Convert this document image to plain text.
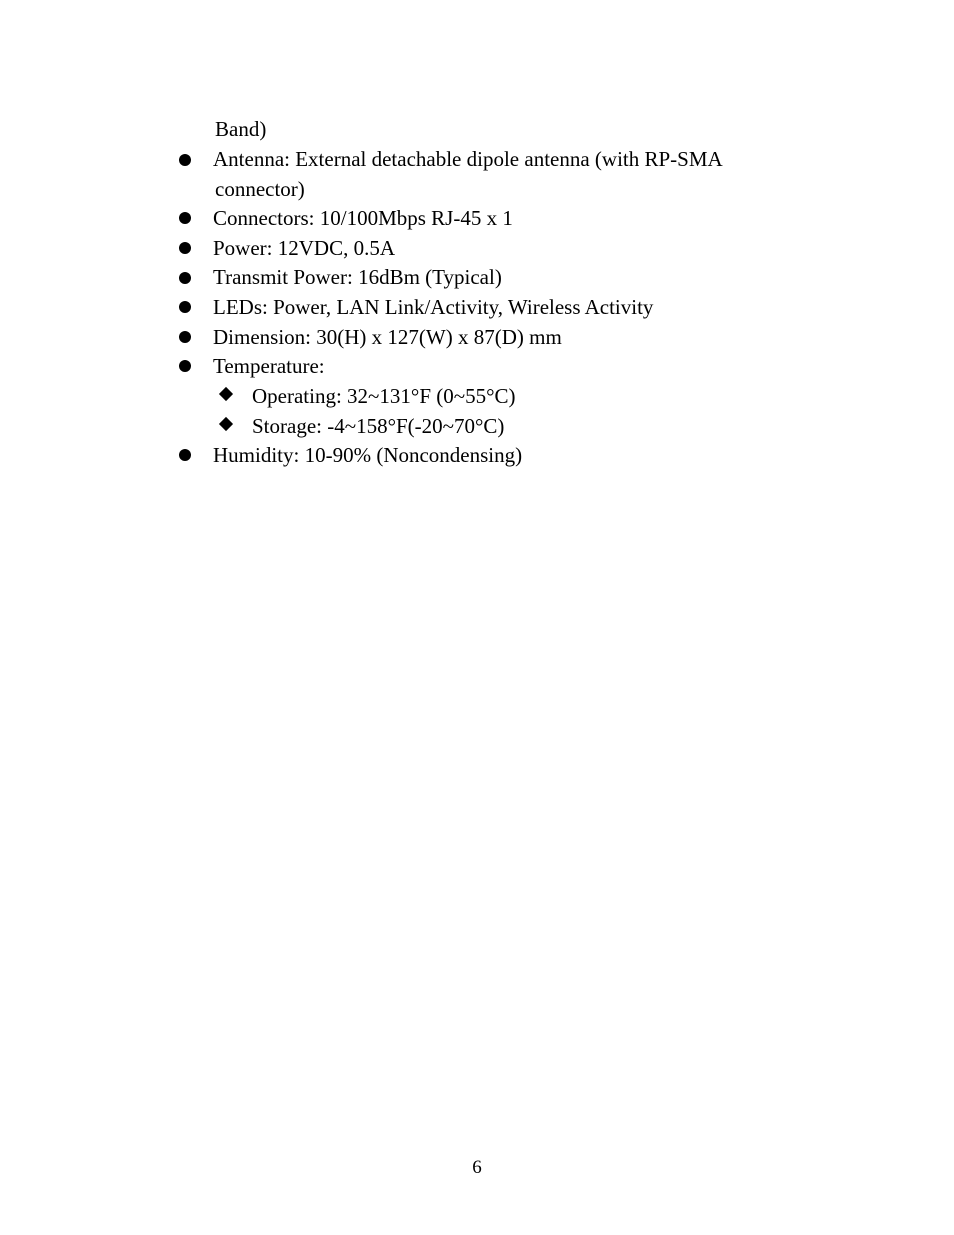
Band)
Antenna: External detachable dipole antenna (with RP-SMA
connector)
Connectors: 10/100Mbps RJ-45 x 1
Power: 12VDC, 0.5A
Transmit Power: 16dBm (Typical)
LEDs: Power, LAN Link/Activity, Wireless Activity
Dimension: 30(H) x 127(W) x 87(D) mm
Temperature:
Operating: 32~131°F (0~55°C)
Storage: -4~158°F(-20~70°C)
Humidity: 10-90% (Noncondensing)
6
